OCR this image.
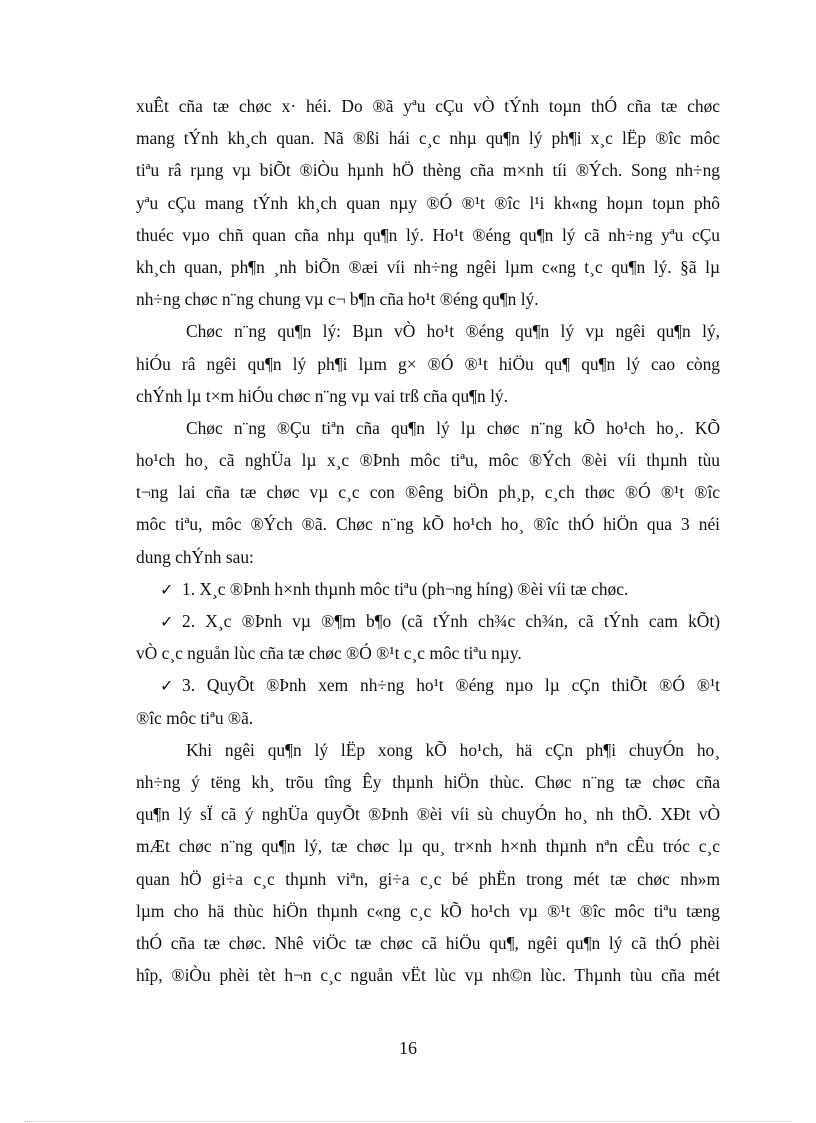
xuÊt cña tæ chøc x· héi. Do ®ã yªu cÇu vÒ tÝnh toµn thÓ cña tæ chøc
mang tÝnh kh¸ch quan. Nã ®ßi hái c¸c nhµ qu¶n lý ph¶i x¸c lËp ®îc môc
tiªu râ rµng vµ biÕt ®iÒu hµnh hÖ thèng cña m×nh tíi ®Ých. Song nh÷ng
yªu cÇu mang tÝnh kh¸ch quan nµy ®Ó ®¹t ®îc l¹i kh«ng hoµn toµn phô
thuéc vµo chñ quan cña nhµ qu¶n lý. Ho¹t ®éng qu¶n lý cã nh÷ng yªu cÇu
kh¸ch quan, ph¶n ¸nh biÕn ®æi víi nh÷ng ngêi lµm c«ng t¸c qu¶n lý. §ã lµ
nh÷ng chøc n¨ng chung vµ c¬ b¶n cña ho¹t ®éng qu¶n lý.
Chøc n¨ng qu¶n lý: Bµn vÒ ho¹t ®éng qu¶n lý vµ ngêi qu¶n lý,
hiÓu râ ngêi qu¶n lý ph¶i lµm g× ®Ó ®¹t hiÖu qu¶ qu¶n lý cao còng
chÝnh lµ t×m hiÓu chøc n¨ng vµ vai trß cña qu¶n lý.
Chøc n¨ng ®Çu tiªn cña qu¶n lý lµ chøc n¨ng kÕ ho¹ch ho¸. KÕ
ho¹ch ho¸ cã nghÜa lµ x¸c ®Þnh môc tiªu, môc ®Ých ®èi víi thµnh tùu
t¬ng lai cña tæ chøc vµ c¸c con ®êng biÖn ph¸p, c¸ch thøc ®Ó ®¹t ®îc
môc tiªu, môc ®Ých ®ã. Chøc n¨ng kÕ ho¹ch ho¸ ®îc thÓ hiÖn qua 3 néi
dung chÝnh sau:
✓ 1. X¸c ®Þnh h×nh thµnh môc tiªu (ph¬ng híng) ®èi víi tæ chøc.
✓ 2. X¸c ®Þnh vµ ®¶m b¶o (cã tÝnh ch¾c ch¾n, cã tÝnh cam kÕt)
vÒ c¸c nguån lùc cña tæ chøc ®Ó ®¹t c¸c môc tiªu nµy.
✓ 3. QuyÕt ®Þnh xem nh÷ng ho¹t ®éng nµo lµ cÇn thiÕt ®Ó ®¹t
®îc môc tiªu ®ã.
Khi ngêi qu¶n lý lËp xong kÕ ho¹ch, hä cÇn ph¶i chuyÓn ho¸
nh÷ng ý tëng kh¸ trõu tîng Êy thµnh hiÖn thùc. Chøc n¨ng tæ chøc cña
qu¶n lý sÏ cã ý nghÜa quyÕt ®Þnh ®èi víi sù chuyÓn ho¸ nh thÕ. XÐt vÒ
mÆt chøc n¨ng qu¶n lý, tæ chøc lµ qu¸ tr×nh h×nh thµnh nªn cÊu tróc c¸c
quan hÖ gi÷a c¸c thµnh viªn, gi÷a c¸c bé phËn trong mét tæ chøc nh»m
lµm cho hä thùc hiÖn thµnh c«ng c¸c kÕ ho¹ch vµ ®¹t ®îc môc tiªu tæng
thÓ cña tæ chøc. Nhê viÖc tæ chøc cã hiÖu qu¶, ngêi qu¶n lý cã thÓ phèi
hîp, ®iÒu phèi tèt h¬n c¸c nguån vËt lùc vµ nh©n lùc. Thµnh tùu cña mét
16
